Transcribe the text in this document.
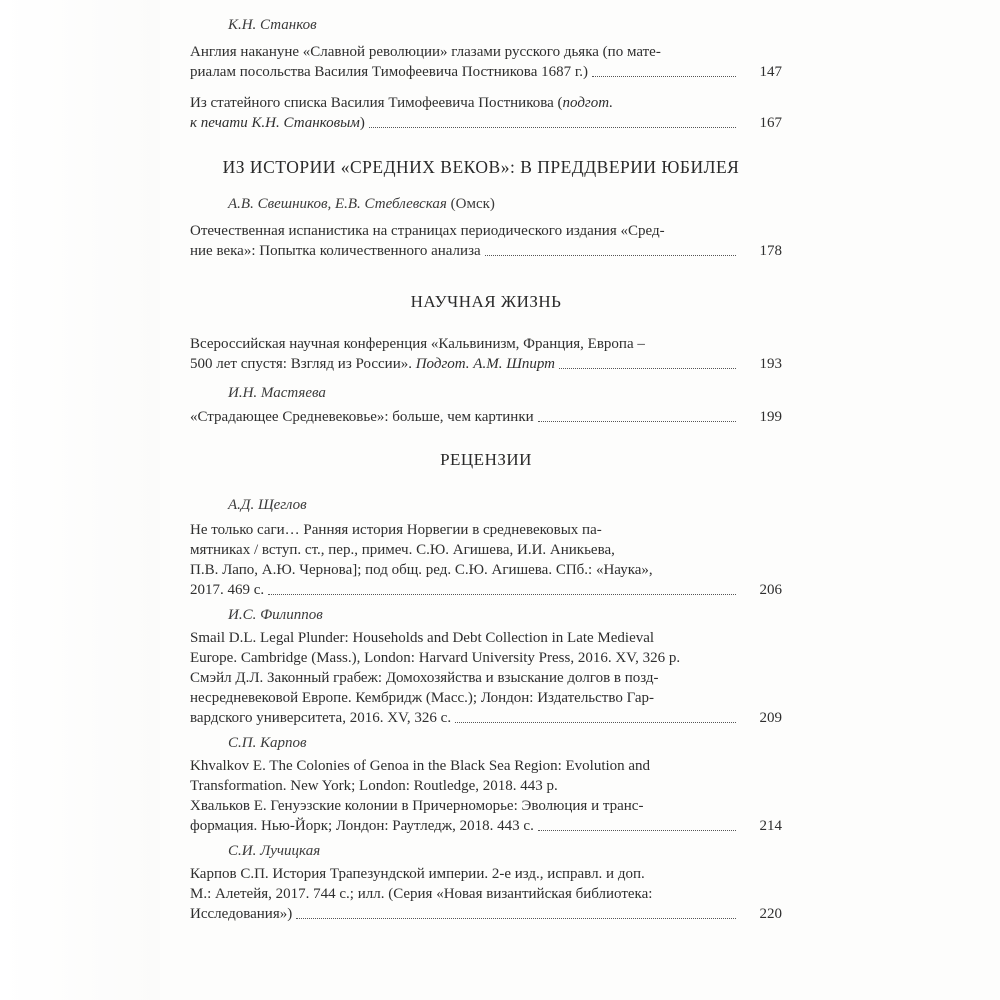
К.Н. Станков
Англия накануне «Славной революции» глазами русского дьяка (по мате-
риалам посольства Василия Тимофеевича Постникова 1687 г.)	147
Из статейного списка Василия Тимофеевича Постникова (подгот.
к печати К.Н. Станковым)	167
ИЗ ИСТОРИИ «СРЕДНИХ ВЕКОВ»: В ПРЕДДВЕРИИ ЮБИЛЕЯ
А.В. Свешников, Е.В. Стеблевская (Омск)
Отечественная испанистика на страницах периодического издания «Сред-
ние века»: Попытка количественного анализа	178
НАУЧНАЯ ЖИЗНЬ
Всероссийская научная конференция «Кальвинизм, Франция, Европа –
500 лет спустя: Взгляд из России». Подгот. А.М. Шпирт	193
И.Н. Мастяева
«Страдающее Средневековье»: больше, чем картинки	199
РЕЦЕНЗИИ
А.Д. Щеглов
Не только саги… Ранняя история Норвегии в средневековых па-
мятниках / вступ. ст., пер., примеч. С.Ю. Агишева, И.И. Аникьева,
П.В. Лапо, А.Ю. Чернова]; под общ. ред. С.Ю. Агишева. СПб.: «Наука»,
2017. 469 с.	206
И.С. Филиппов
Smail D.L. Legal Plunder: Households and Debt Collection in Late Medieval
Europe. Cambridge (Mass.), London: Harvard University Press, 2016. XV, 326 p.
Смэйл Д.Л. Законный грабеж: Домохозяйства и взыскание долгов в позд-
несредневековой Европе. Кембридж (Масс.); Лондон: Издательство Гар-
вардского университета, 2016. XV, 326 с.	209
С.П. Карпов
Khvalkov E. The Colonies of Genoa in the Black Sea Region: Evolution and
Transformation. New York; London: Routledge, 2018. 443 p.
Хвальков Е. Генуэзские колонии в Причерноморье: Эволюция и транс-
формация. Нью-Йорк; Лондон: Раутледж, 2018. 443 с.	214
С.И. Лучицкая
Карпов С.П. История Трапезундской империи. 2-е изд., исправл. и доп.
М.: Алетейя, 2017. 744 с.; илл. (Серия «Новая византийская библиотека:
Исследования»)	220
